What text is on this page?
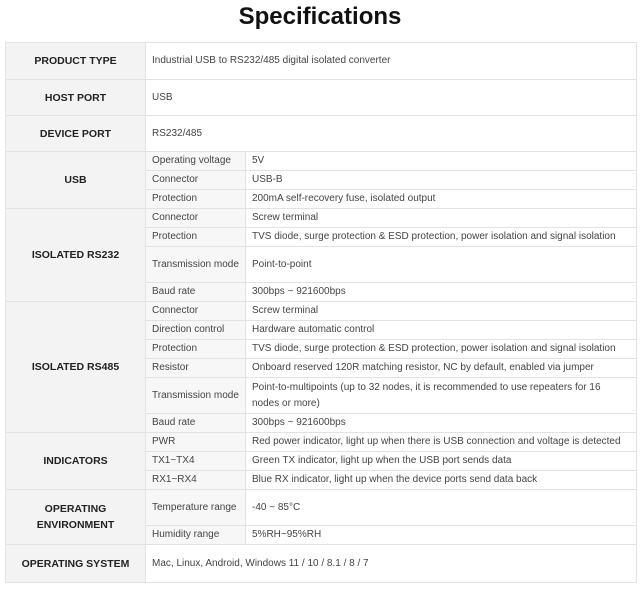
Specifications
PRODUCT TYPE	Industrial USB to RS232/485 digital isolated converter	
HOST PORT	USB	
DEVICE PORT	RS232/485	
USB	Operating voltage	5V
	Connector	USB-B
	Protection	200mA self-recovery fuse, isolated output
ISOLATED RS232	Connector	Screw terminal
	Protection	TVS diode, surge protection & ESD protection, power isolation and signal isolation
	Transmission mode	Point-to-point
	Baud rate	300bps ~ 921600bps
ISOLATED RS485	Connector	Screw terminal
	Direction control	Hardware automatic control
	Protection	TVS diode, surge protection & ESD protection, power isolation and signal isolation
	Resistor	Onboard reserved 120R matching resistor, NC by default, enabled via jumper
	Transmission mode	Point-to-multipoints (up to 32 nodes, it is recommended to use repeaters for 16 nodes or more)
	Baud rate	300bps ~ 921600bps
INDICATORS	PWR	Red power indicator, light up when there is USB connection and voltage is detected
	TX1~TX4	Green TX indicator, light up when the USB port sends data
	RX1~RX4	Blue RX indicator, light up when the device ports send data back
OPERATING ENVIRONMENT	Temperature range	-40 ~ 85°C
	Humidity range	5%RH~95%RH
OPERATING SYSTEM	Mac, Linux, Android, Windows 11 / 10 / 8.1 / 8 / 7	
